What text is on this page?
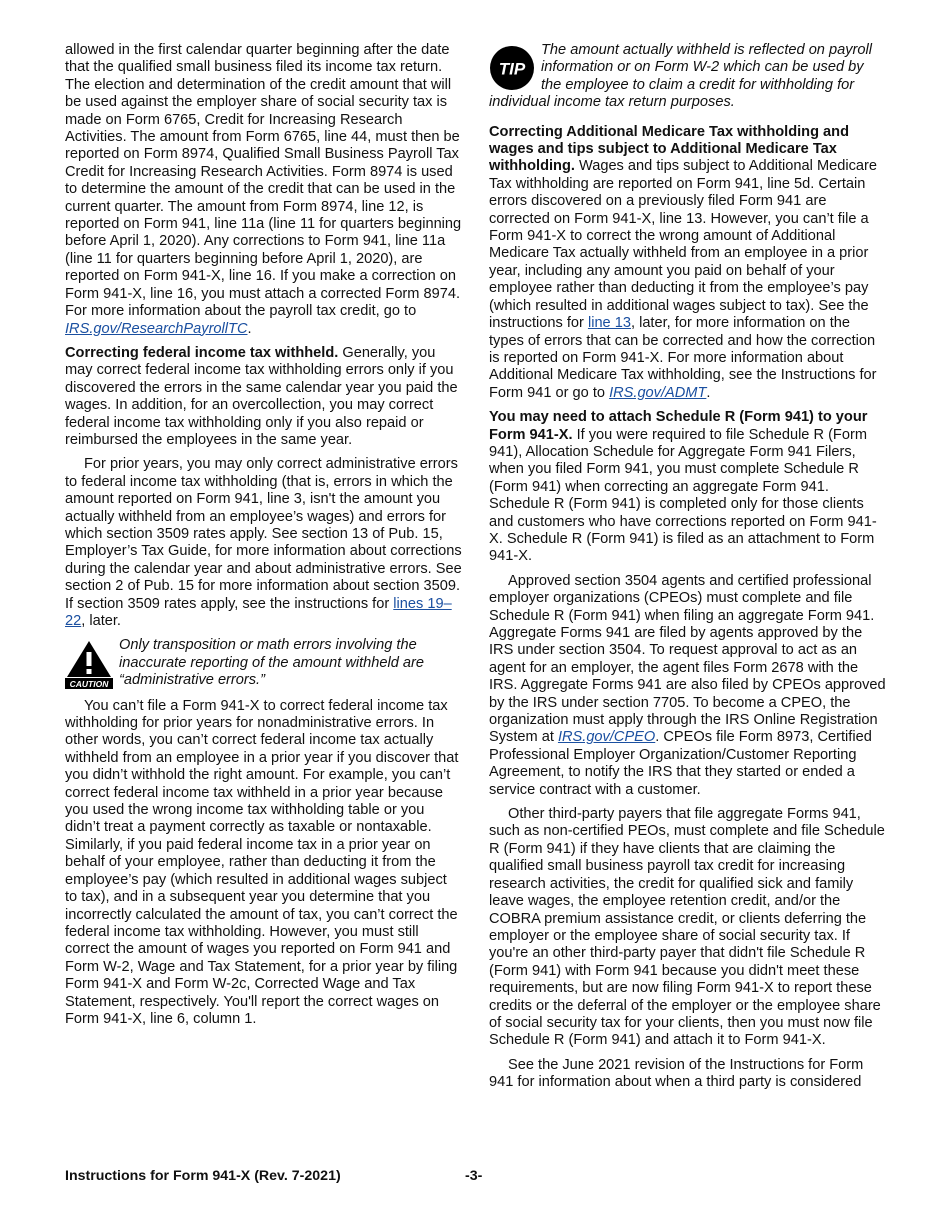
allowed in the first calendar quarter beginning after the date that the qualified small business filed its income tax return. The election and determination of the credit amount that will be used against the employer share of social security tax is made on Form 6765, Credit for Increasing Research Activities. The amount from Form 6765, line 44, must then be reported on Form 8974, Qualified Small Business Payroll Tax Credit for Increasing Research Activities. Form 8974 is used to determine the amount of the credit that can be used in the current quarter. The amount from Form 8974, line 12, is reported on Form 941, line 11a (line 11 for quarters beginning before April 1, 2020). Any corrections to Form 941, line 11a (line 11 for quarters beginning before April 1, 2020), are reported on Form 941-X, line 16. If you make a correction on Form 941-X, line 16, you must attach a corrected Form 8974. For more information about the payroll tax credit, go to IRS.gov/ResearchPayrollTC.

Correcting federal income tax withheld. Generally, you may correct federal income tax withholding errors only if you discovered the errors in the same calendar year you paid the wages. In addition, for an overcollection, you may correct federal income tax withholding only if you also repaid or reimbursed the employees in the same year.

For prior years, you may only correct administrative errors to federal income tax withholding (that is, errors in which the amount reported on Form 941, line 3, isn't the amount you actually withheld from an employee’s wages) and errors for which section 3509 rates apply. See section 13 of Pub. 15, Employer’s Tax Guide, for more information about corrections during the calendar year and about administrative errors. See section 2 of Pub. 15 for more information about section 3509. If section 3509 rates apply, see the instructions for lines 19–22, later.

CAUTION

Only transposition or math errors involving the inaccurate reporting of the amount withheld are “administrative errors.”

You can’t file a Form 941-X to correct federal income tax withholding for prior years for nonadministrative errors. In other words, you can’t correct federal income tax actually withheld from an employee in a prior year if you discover that you didn’t withhold the right amount. For example, you can’t correct federal income tax withheld in a prior year because you used the wrong income tax withholding table or you didn’t treat a payment correctly as taxable or nontaxable. Similarly, if you paid federal income tax in a prior year on behalf of your employee, rather than deducting it from the employee’s pay (which resulted in additional wages subject to tax), and in a subsequent year you determine that you incorrectly calculated the amount of tax, you can’t correct the federal income tax withholding. However, you must still correct the amount of wages you reported on Form 941 and Form W-2, Wage and Tax Statement, for a prior year by filing Form 941-X and Form W-2c, Corrected Wage and Tax Statement, respectively. You'll report the correct wages on Form 941-X, line 6, column 1.

TIP

The amount actually withheld is reflected on payroll information or on Form W-2 which can be used by the employee to claim a credit for withholding for individual income tax return purposes.

Correcting Additional Medicare Tax withholding and wages and tips subject to Additional Medicare Tax withholding. Wages and tips subject to Additional Medicare Tax withholding are reported on Form 941, line 5d. Certain errors discovered on a previously filed Form 941 are corrected on Form 941-X, line 13. However, you can’t file a Form 941-X to correct the wrong amount of Additional Medicare Tax actually withheld from an employee in a prior year, including any amount you paid on behalf of your employee rather than deducting it from the employee’s pay (which resulted in additional wages subject to tax). See the instructions for line 13, later, for more information on the types of errors that can be corrected and how the correction is reported on Form 941-X. For more information about Additional Medicare Tax withholding, see the Instructions for Form 941 or go to IRS.gov/ADMT.

You may need to attach Schedule R (Form 941) to your Form 941-X. If you were required to file Schedule R (Form 941), Allocation Schedule for Aggregate Form 941 Filers, when you filed Form 941, you must complete Schedule R (Form 941) when correcting an aggregate Form 941. Schedule R (Form 941) is completed only for those clients and customers who have corrections reported on Form 941-X. Schedule R (Form 941) is filed as an attachment to Form 941-X.

Approved section 3504 agents and certified professional employer organizations (CPEOs) must complete and file Schedule R (Form 941) when filing an aggregate Form 941. Aggregate Forms 941 are filed by agents approved by the IRS under section 3504. To request approval to act as an agent for an employer, the agent files Form 2678 with the IRS. Aggregate Forms 941 are also filed by CPEOs approved by the IRS under section 7705. To become a CPEO, the organization must apply through the IRS Online Registration System at IRS.gov/CPEO. CPEOs file Form 8973, Certified Professional Employer Organization/Customer Reporting Agreement, to notify the IRS that they started or ended a service contract with a customer.

Other third-party payers that file aggregate Forms 941, such as non-certified PEOs, must complete and file Schedule R (Form 941) if they have clients that are claiming the qualified small business payroll tax credit for increasing research activities, the credit for qualified sick and family leave wages, the employee retention credit, and/or the COBRA premium assistance credit, or clients deferring the employer or the employee share of social security tax. If you're an other third-party payer that didn't file Schedule R (Form 941) with Form 941 because you didn't meet these requirements, but are now filing Form 941-X to report these credits or the deferral of the employer or the employee share of social security tax for your clients, then you must now file Schedule R (Form 941) and attach it to Form 941-X.

See the June 2021 revision of the Instructions for Form 941 for information about when a third party is considered

Instructions for Form 941-X (Rev. 7-2021)	-3-
